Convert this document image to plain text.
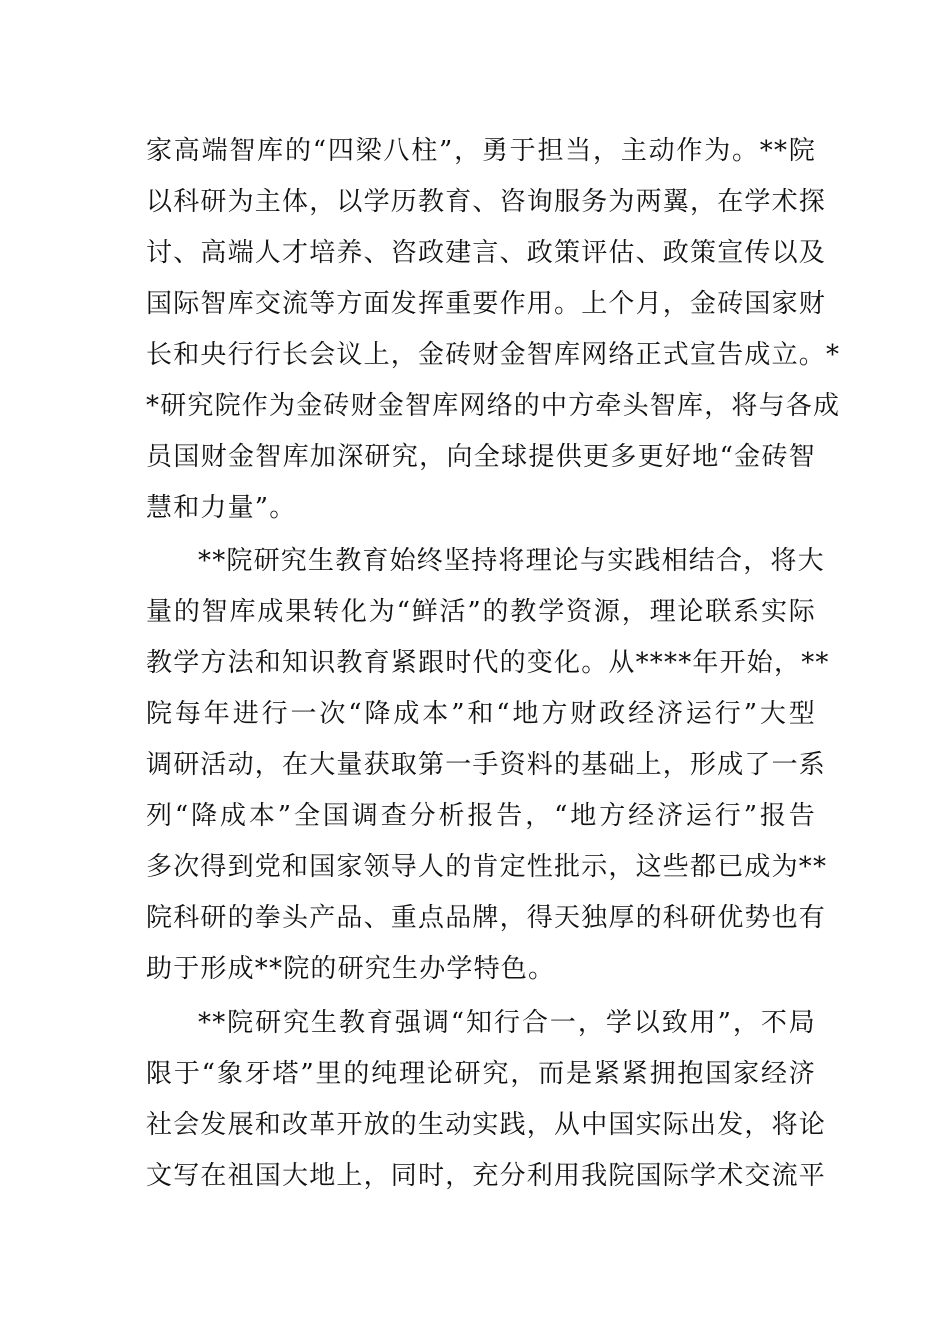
家高端智库的“四梁八柱”，勇于担当，主动作为。**院
以科研为主体，以学历教育、咨询服务为两翼，在学术探
讨、高端人才培养、咨政建言、政策评估、政策宣传以及
国际智库交流等方面发挥重要作用。上个月，金砖国家财
长和央行行长会议上，金砖财金智库网络正式宣告成立。*
*研究院作为金砖财金智库网络的中方牵头智库，将与各成
员国财金智库加深研究，向全球提供更多更好地“金砖智
慧和力量”。
**院研究生教育始终坚持将理论与实践相结合，将大
量的智库成果转化为“鲜活”的教学资源，理论联系实际
教学方法和知识教育紧跟时代的变化。从****年开始，**
院每年进行一次“降成本”和“地方财政经济运行”大型
调研活动，在大量获取第一手资料的基础上，形成了一系
列“降成本”全国调查分析报告，“地方经济运行”报告
多次得到党和国家领导人的肯定性批示，这些都已成为**
院科研的拳头产品、重点品牌，得天独厚的科研优势也有
助于形成**院的研究生办学特色。
**院研究生教育强调“知行合一，学以致用”，不局
限于“象牙塔”里的纯理论研究，而是紧紧拥抱国家经济
社会发展和改革开放的生动实践，从中国实际出发，将论
文写在祖国大地上，同时，充分利用我院国际学术交流平
